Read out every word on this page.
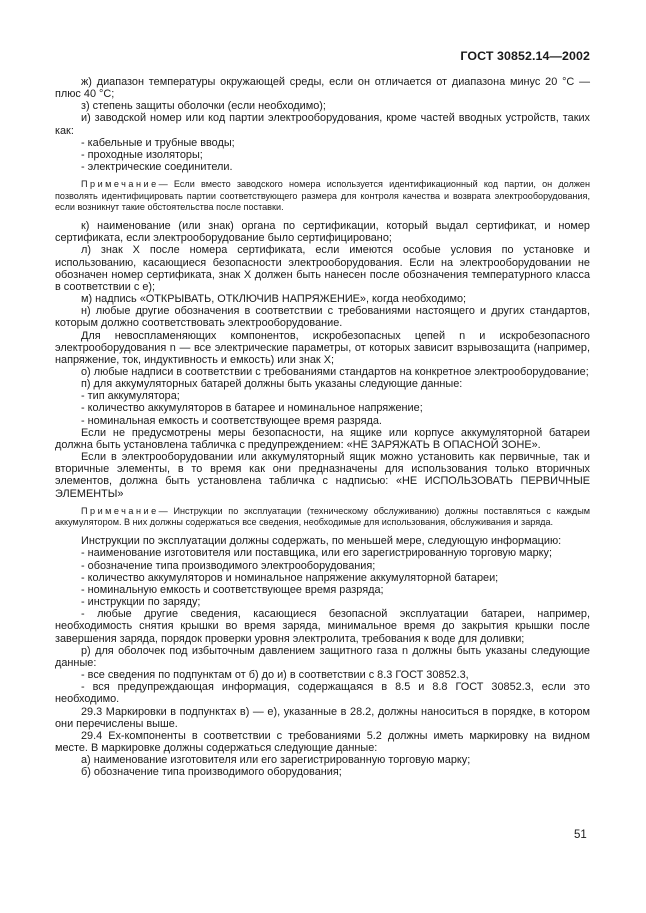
ГОСТ 30852.14—2002

ж) диапазон температуры окружающей среды, если он отличается от диапазона минус 20 °С — плюс 40 °С;

з) степень защиты оболочки (если необходимо);

и) заводской номер или код партии электрооборудования, кроме частей вводных устройств, таких как:

- кабельные и трубные вводы;

- проходные изоляторы;

- электрические соединители.

Примечание— Если вместо заводского номера используется идентификационный код партии, он должен позволять идентифицировать партии соответствующего размера для контроля качества и возврата электрооборудования, если возникнут такие обстоятельства после поставки.

к) наименование (или знак) органа по сертификации, который выдал сертификат, и номер сертификата, если электрооборудование было сертифицировано;

л) знак X после номера сертификата, если имеются особые условия по установке и использованию, касающиеся безопасности электрооборудования. Если на электрооборудовании не обозначен номер сертификата, знак X должен быть нанесен после обозначения температурного класса в соответствии с е);

м) надпись «ОТКРЫВАТЬ, ОТКЛЮЧИВ НАПРЯЖЕНИЕ», когда необходимо;

н) любые другие обозначения в соответствии с требованиями настоящего и других стандартов, которым должно соответствовать электрооборудование.

Для невоспламеняющих компонентов, искробезопасных цепей n и искробезопасного электрооборудования n — все электрические параметры, от которых зависит взрывозащита (например, напряжение, ток, индуктивность и емкость) или знак X;

о) любые надписи в соответствии с требованиями стандартов на конкретное электрооборудование;

п) для аккумуляторных батарей должны быть указаны следующие данные:

- тип аккумулятора;

- количество аккумуляторов в батарее и номинальное напряжение;

- номинальная емкость и соответствующее время разряда.

Если не предусмотрены меры безопасности, на ящике или корпусе аккумуляторной батареи должна быть установлена табличка с предупреждением: «НЕ ЗАРЯЖАТЬ В ОПАСНОЙ ЗОНЕ».

Если в электрооборудовании или аккумуляторный ящик можно установить как первичные, так и вторичные элементы, в то время как они предназначены для использования только вторичных элементов, должна быть установлена табличка с надписью: «НЕ ИСПОЛЬЗОВАТЬ ПЕРВИЧНЫЕ ЭЛЕМЕНТЫ»

Примечание— Инструкции по эксплуатации (техническому обслуживанию) должны поставляться с каждым аккумулятором. В них должны содержаться все сведения, необходимые для использования, обслуживания и заряда.

Инструкции по эксплуатации должны содержать, по меньшей мере, следующую информацию:

- наименование изготовителя или поставщика, или его зарегистрированную торговую марку;

- обозначение типа производимого электрооборудования;

- количество аккумуляторов и номинальное напряжение аккумуляторной батареи;

- номинальную емкость и соответствующее время разряда;

- инструкции по заряду;

- любые другие сведения, касающиеся безопасной эксплуатации батареи, например, необходимость снятия крышки во время заряда, минимальное время до закрытия крышки после завершения заряда, порядок проверки уровня электролита, требования к воде для доливки;

р) для оболочек под избыточным давлением защитного газа n должны быть указаны следующие данные:

- все сведения по подпунктам от б) до и) в соответствии с 8.3 ГОСТ 30852.3,

- вся предупреждающая информация, содержащаяся в 8.5 и 8.8 ГОСТ 30852.3, если это необходимо.

29.3 Маркировки в подпунктах в) — е), указанные в 28.2, должны наноситься в порядке, в котором они перечислены выше.

29.4 Ex-компоненты в соответствии с требованиями 5.2 должны иметь маркировку на видном месте. В маркировке должны содержаться следующие данные:

а) наименование изготовителя или его зарегистрированную торговую марку;

б) обозначение типа производимого оборудования;

51
